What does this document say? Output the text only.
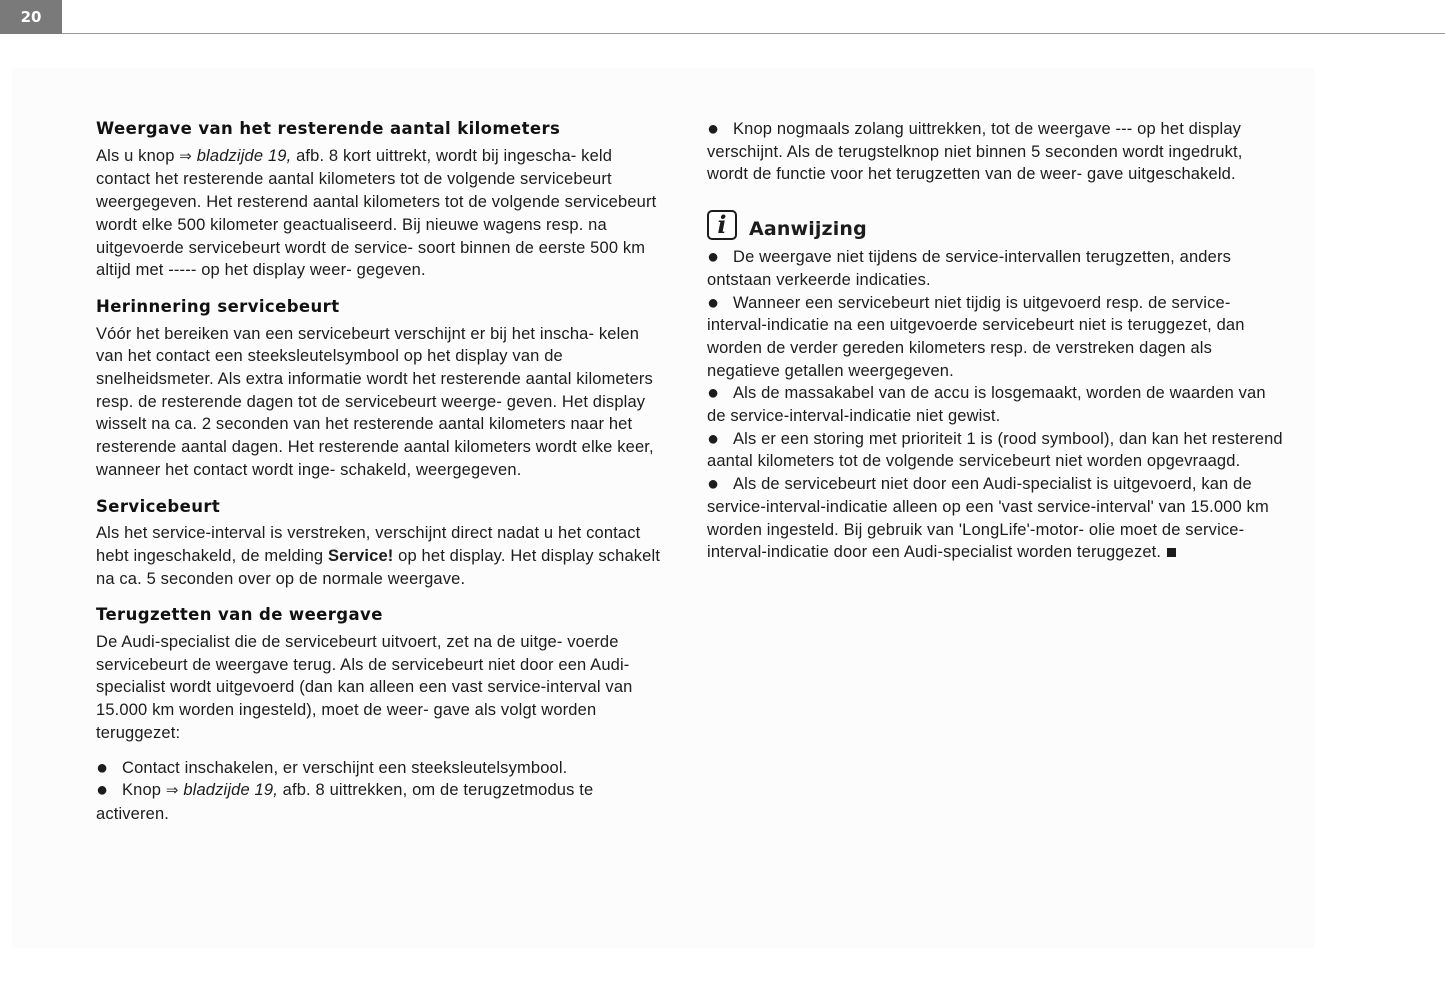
20
Weergave van het resterende aantal kilometers

Als u knop ⇒ bladzijde 19, afb. 8 kort uittrekt, wordt bij ingescha- keld contact het resterende aantal kilometers tot de volgende servicebeurt weergegeven. Het resterend aantal kilometers tot de volgende servicebeurt wordt elke 500 kilometer geactualiseerd. Bij nieuwe wagens resp. na uitgevoerde servicebeurt wordt de service- soort binnen de eerste 500 km altijd met ----- op het display weer- gegeven.

Herinnering servicebeurt

Vóór het bereiken van een servicebeurt verschijnt er bij het inscha- kelen van het contact een steeksleutelsymbool op het display van de snelheidsmeter. Als extra informatie wordt het resterende aantal kilometers resp. de resterende dagen tot de servicebeurt weerge- geven. Het display wisselt na ca. 2 seconden van het resterende aantal kilometers naar het resterende aantal dagen. Het resterende aantal kilometers wordt elke keer, wanneer het contact wordt inge- schakeld, weergegeven.

Servicebeurt

Als het service-interval is verstreken, verschijnt direct nadat u het contact hebt ingeschakeld, de melding Service! op het display. Het display schakelt na ca. 5 seconden over op de normale weergave.

Terugzetten van de weergave

De Audi-specialist die de servicebeurt uitvoert, zet na de uitge- voerde servicebeurt de weergave terug. Als de servicebeurt niet door een Audi-specialist wordt uitgevoerd (dan kan alleen een vast service-interval van 15.000 km worden ingesteld), moet de weer- gave als volgt worden teruggezet:

● Contact inschakelen, er verschijnt een steeksleutelsymbool.

● Knop ⇒ bladzijde 19, afb. 8 uittrekken, om de terugzetmodus te activeren.

● Knop nogmaals zolang uittrekken, tot de weergave --- op het display verschijnt. Als de terugstelknop niet binnen 5 seconden wordt ingedrukt, wordt de functie voor het terugzetten van de weer- gave uitgeschakeld.

i	Aanwijzing

● De weergave niet tijdens de service-intervallen terugzetten, anders ontstaan verkeerde indicaties.

● Wanneer een servicebeurt niet tijdig is uitgevoerd resp. de service-interval-indicatie na een uitgevoerde servicebeurt niet is teruggezet, dan worden de verder gereden kilometers resp. de verstreken dagen als negatieve getallen weergegeven.

● Als de massakabel van de accu is losgemaakt, worden de waarden van de service-interval-indicatie niet gewist.

● Als er een storing met prioriteit 1 is (rood symbool), dan kan het resterend aantal kilometers tot de volgende servicebeurt niet worden opgevraagd.

● Als de servicebeurt niet door een Audi-specialist is uitgevoerd, kan de service-interval-indicatie alleen op een 'vast service-interval' van 15.000 km worden ingesteld. Bij gebruik van 'LongLife'-motor- olie moet de service-interval-indicatie door een Audi-specialist worden teruggezet.
